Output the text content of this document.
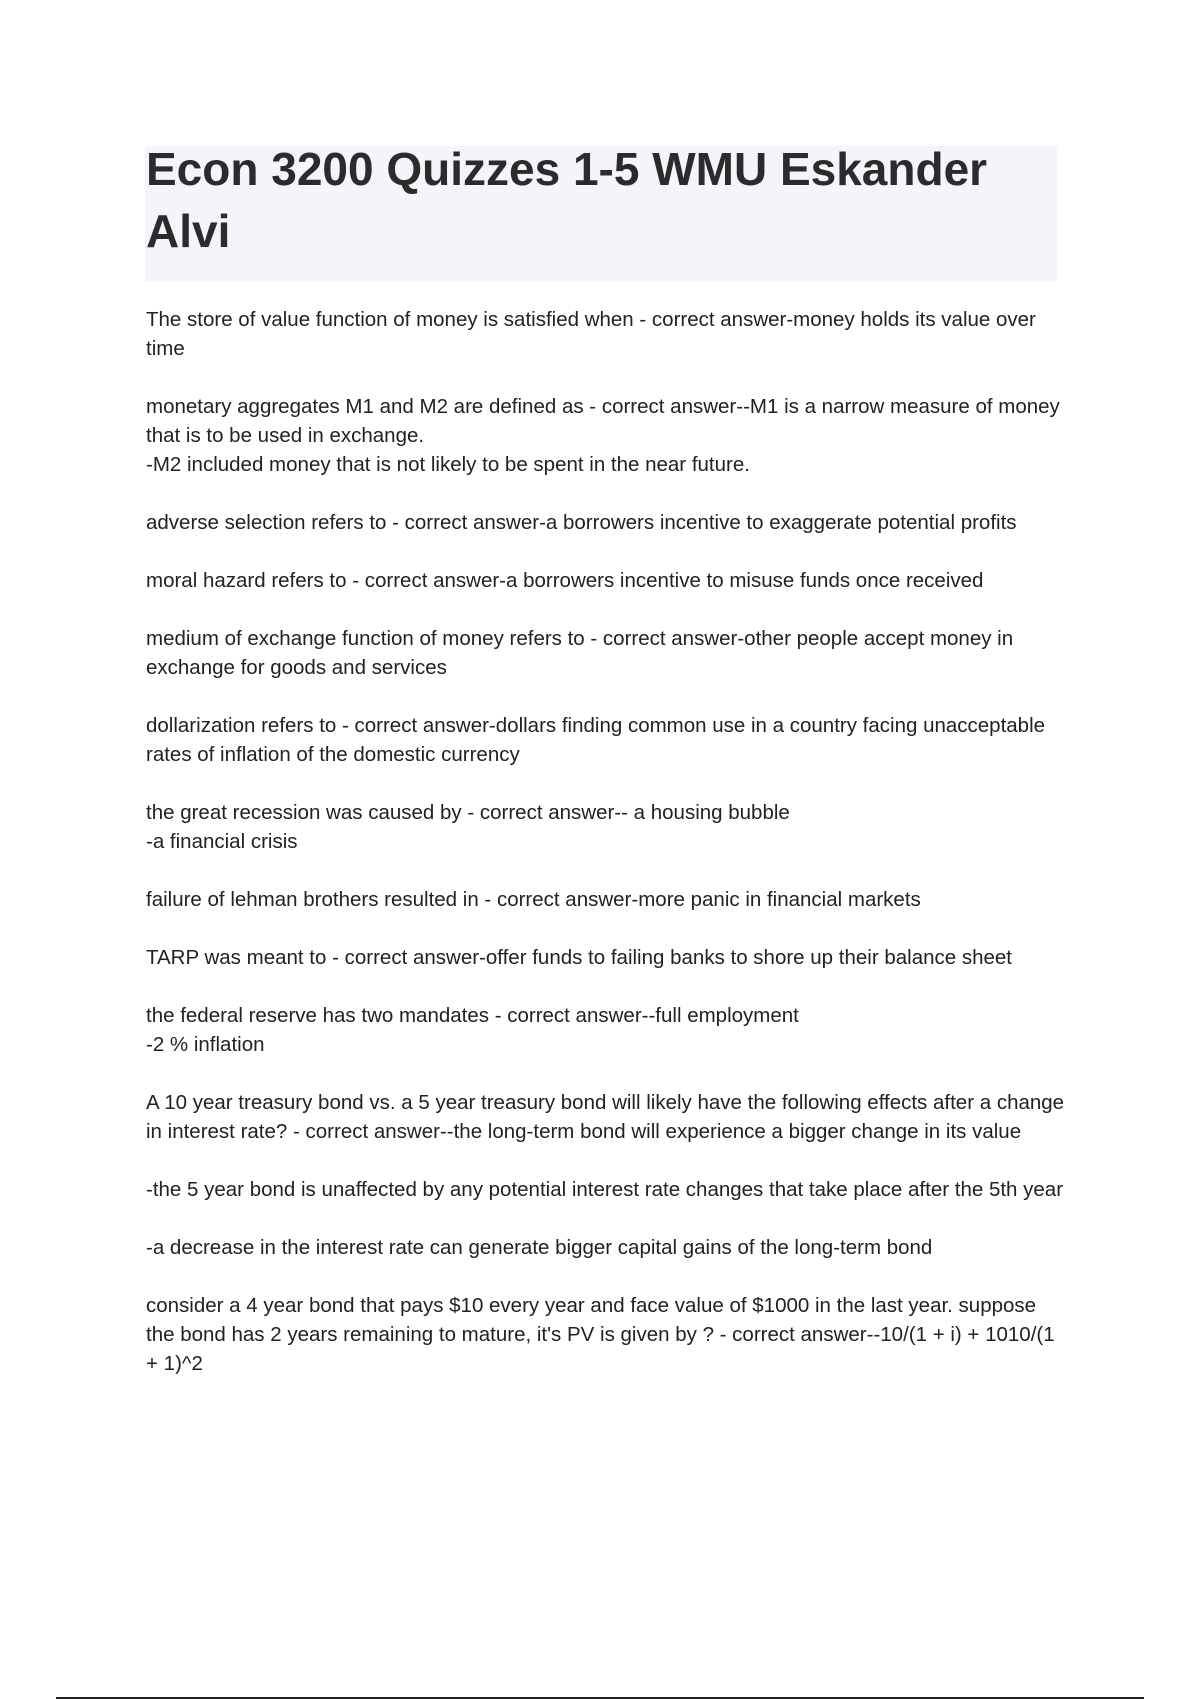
Econ 3200 Quizzes 1-5 WMU Eskander Alvi

The store of value function of money is satisfied when - correct answer-money holds its value over time

monetary aggregates M1 and M2 are defined as - correct answer--M1 is a narrow measure of money that is to be used in exchange.
-M2 included money that is not likely to be spent in the near future.

adverse selection refers to - correct answer-a borrowers incentive to exaggerate potential profits

moral hazard refers to - correct answer-a borrowers incentive to misuse funds once received

medium of exchange function of money refers to - correct answer-other people accept money in exchange for goods and services

dollarization refers to - correct answer-dollars finding common use in a country facing unacceptable rates of inflation of the domestic currency

the great recession was caused by - correct answer-- a housing bubble
-a financial crisis

failure of lehman brothers resulted in - correct answer-more panic in financial markets

TARP was meant to - correct answer-offer funds to failing banks to shore up their balance sheet

the federal reserve has two mandates - correct answer--full employment
-2 % inflation

A 10 year treasury bond vs. a 5 year treasury bond will likely have the following effects after a change in interest rate? - correct answer--the long-term bond will experience a bigger change in its value

-the 5 year bond is unaffected by any potential interest rate changes that take place after the 5th year

-a decrease in the interest rate can generate bigger capital gains of the long-term bond

consider a 4 year bond that pays $10 every year and face value of $1000 in the last year. suppose the bond has 2 years remaining to mature, it's PV is given by ? - correct answer--10/(1 + i) + 1010/(1 + 1)^2
